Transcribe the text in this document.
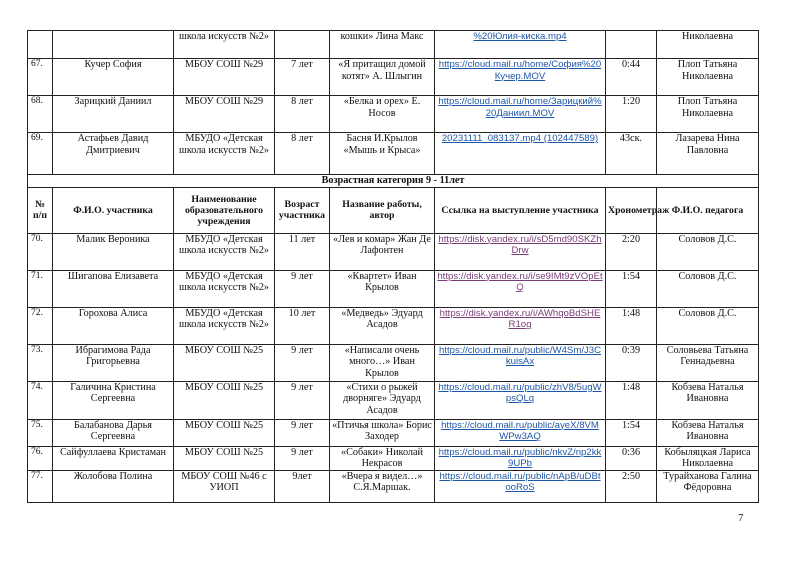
		школа искусств №2»		кошки» Лина Макс	%20Юлия-киска.mp4		Николаевна
67.	Кучер София	МБОУ СОШ №29	7 лет	«Я притащил домой котят» А. Шлыгин	https://cloud.mail.ru/home/София%20Кучер.MOV	0:44	Плоп Татьяна Николаевна
68.	Зарицкий Даниил	МБОУ СОШ №29	8 лет	«Белка и орех» Е. Носов	https://cloud.mail.ru/home/Зарицкий%20Даниил.MOV	1:20	Плоп Татьяна Николаевна
69.	Астафьев Давид Дмитриевич	МБУДО «Детская школа искусств №2»	8 лет	Басня И.Крылов «Мышь и Крыса»	20231111_083137.mp4 (102447589)	43ск.	Лазарева Нина Павловна
Возрастная категория 9 - 11лет							
№ п/п	Ф.И.О. участника	Наименование образовательного учреждения	Возраст участника	Название работы, автор	Ссылка на выступление участника	Хронометраж	Ф.И.О. педагога
70.	Малик Вероника	МБУДО «Детская школа искусств №2»	11 лет	«Лев и комар» Жан Де Лафонтен	https://disk.yandex.ru/i/sD5md90SKZhDrw	2:20	Соловов Д.С.
71.	Шигапова Елизавета	МБУДО «Детская школа искусств №2»	9 лет	«Квартет» Иван Крылов	https://disk.yandex.ru/i/se9IMt9zVOpEtQ	1:54	Соловов Д.С.
72.	Горохова Алиса	МБУДО «Детская школа искусств №2»	10 лет	«Медведь» Эдуард Асадов	https://disk.yandex.ru/i/AWhqoBdSHER1og	1:48	Соловов Д.С.
73.	Ибрагимова Рада Григорьевна	МБОУ СОШ №25	9 лет	«Написали очень много…» Иван Крылов	https://cloud.mail.ru/public/W4Sm/J3CkuisAx	0:39	Соловьева Татьяна Геннадьевна
74.	Галичина Кристина Сергеевна	МБОУ СОШ №25	9 лет	«Стихи о рыжей дворняге» Эдуард Асадов	https://cloud.mail.ru/public/zhV8/5ugWpsQLq	1:48	Кобзева Наталья Ивановна
75.	Балабанова Дарья Сергеевна	МБОУ СОШ №25	9 лет	«Птичья школа» Борис Заходер	https://cloud.mail.ru/public/ayeX/8VMWPw3AQ	1:54	Кобзева Наталья Ивановна
76.	Сайфуллаева Кристаман	МБОУ СОШ №25	9 лет	«Собаки» Николай Некрасов	https://cloud.mail.ru/public/nkvZ/np2kk9UPb	0:36	Кобыляцкая Лариса Николаевна
77.	Жолобова Полина	МБОУ СОШ №46 с УИОП	9лет	«Вчера я видел…» С.Я.Маршак.	https://cloud.mail.ru/public/nApB/uDBtooRoS	2:50	Турайханова Галина Фёдоровна
7
